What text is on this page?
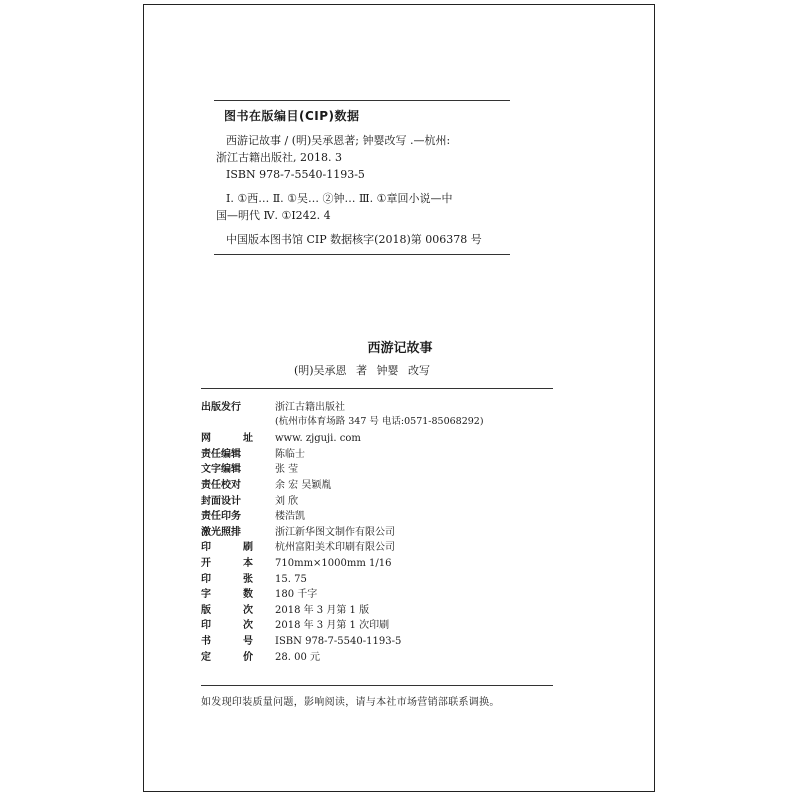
图书在版编目(CIP)数据
西游记故事 / (明)吴承恩著; 钟婴改写 .—杭州:
浙江古籍出版社, 2018. 3
ISBN 978-7-5540-1193-5
Ⅰ. ①西… Ⅱ. ①吴… ②钟… Ⅲ. ①章回小说—中
国—明代 Ⅳ. ①I242. 4
中国版本图书馆 CIP 数据核字(2018)第 006378 号
西游记故事
(明)吴承恩 著 钟婴 改写
出版发行	浙江古籍出版社
(杭州市体育场路 347 号 电话:0571-85068292)
网	址	www. zjguji. com
责任编辑	陈临士
文字编辑	张 莹
责任校对	余 宏 吴颖胤
封面设计	刘 欣
责任印务	楼浩凯
激光照排	浙江新华图文制作有限公司
印	刷	杭州富阳美术印刷有限公司
开	本	710mm×1000mm 1/16
印	张	15. 75
字	数	180 千字
版	次	2018 年 3 月第 1 版
印	次	2018 年 3 月第 1 次印刷
书	号	ISBN 978-7-5540-1193-5
定	价	28. 00 元
如发现印装质量问题，影响阅读，请与本社市场营销部联系调换。
